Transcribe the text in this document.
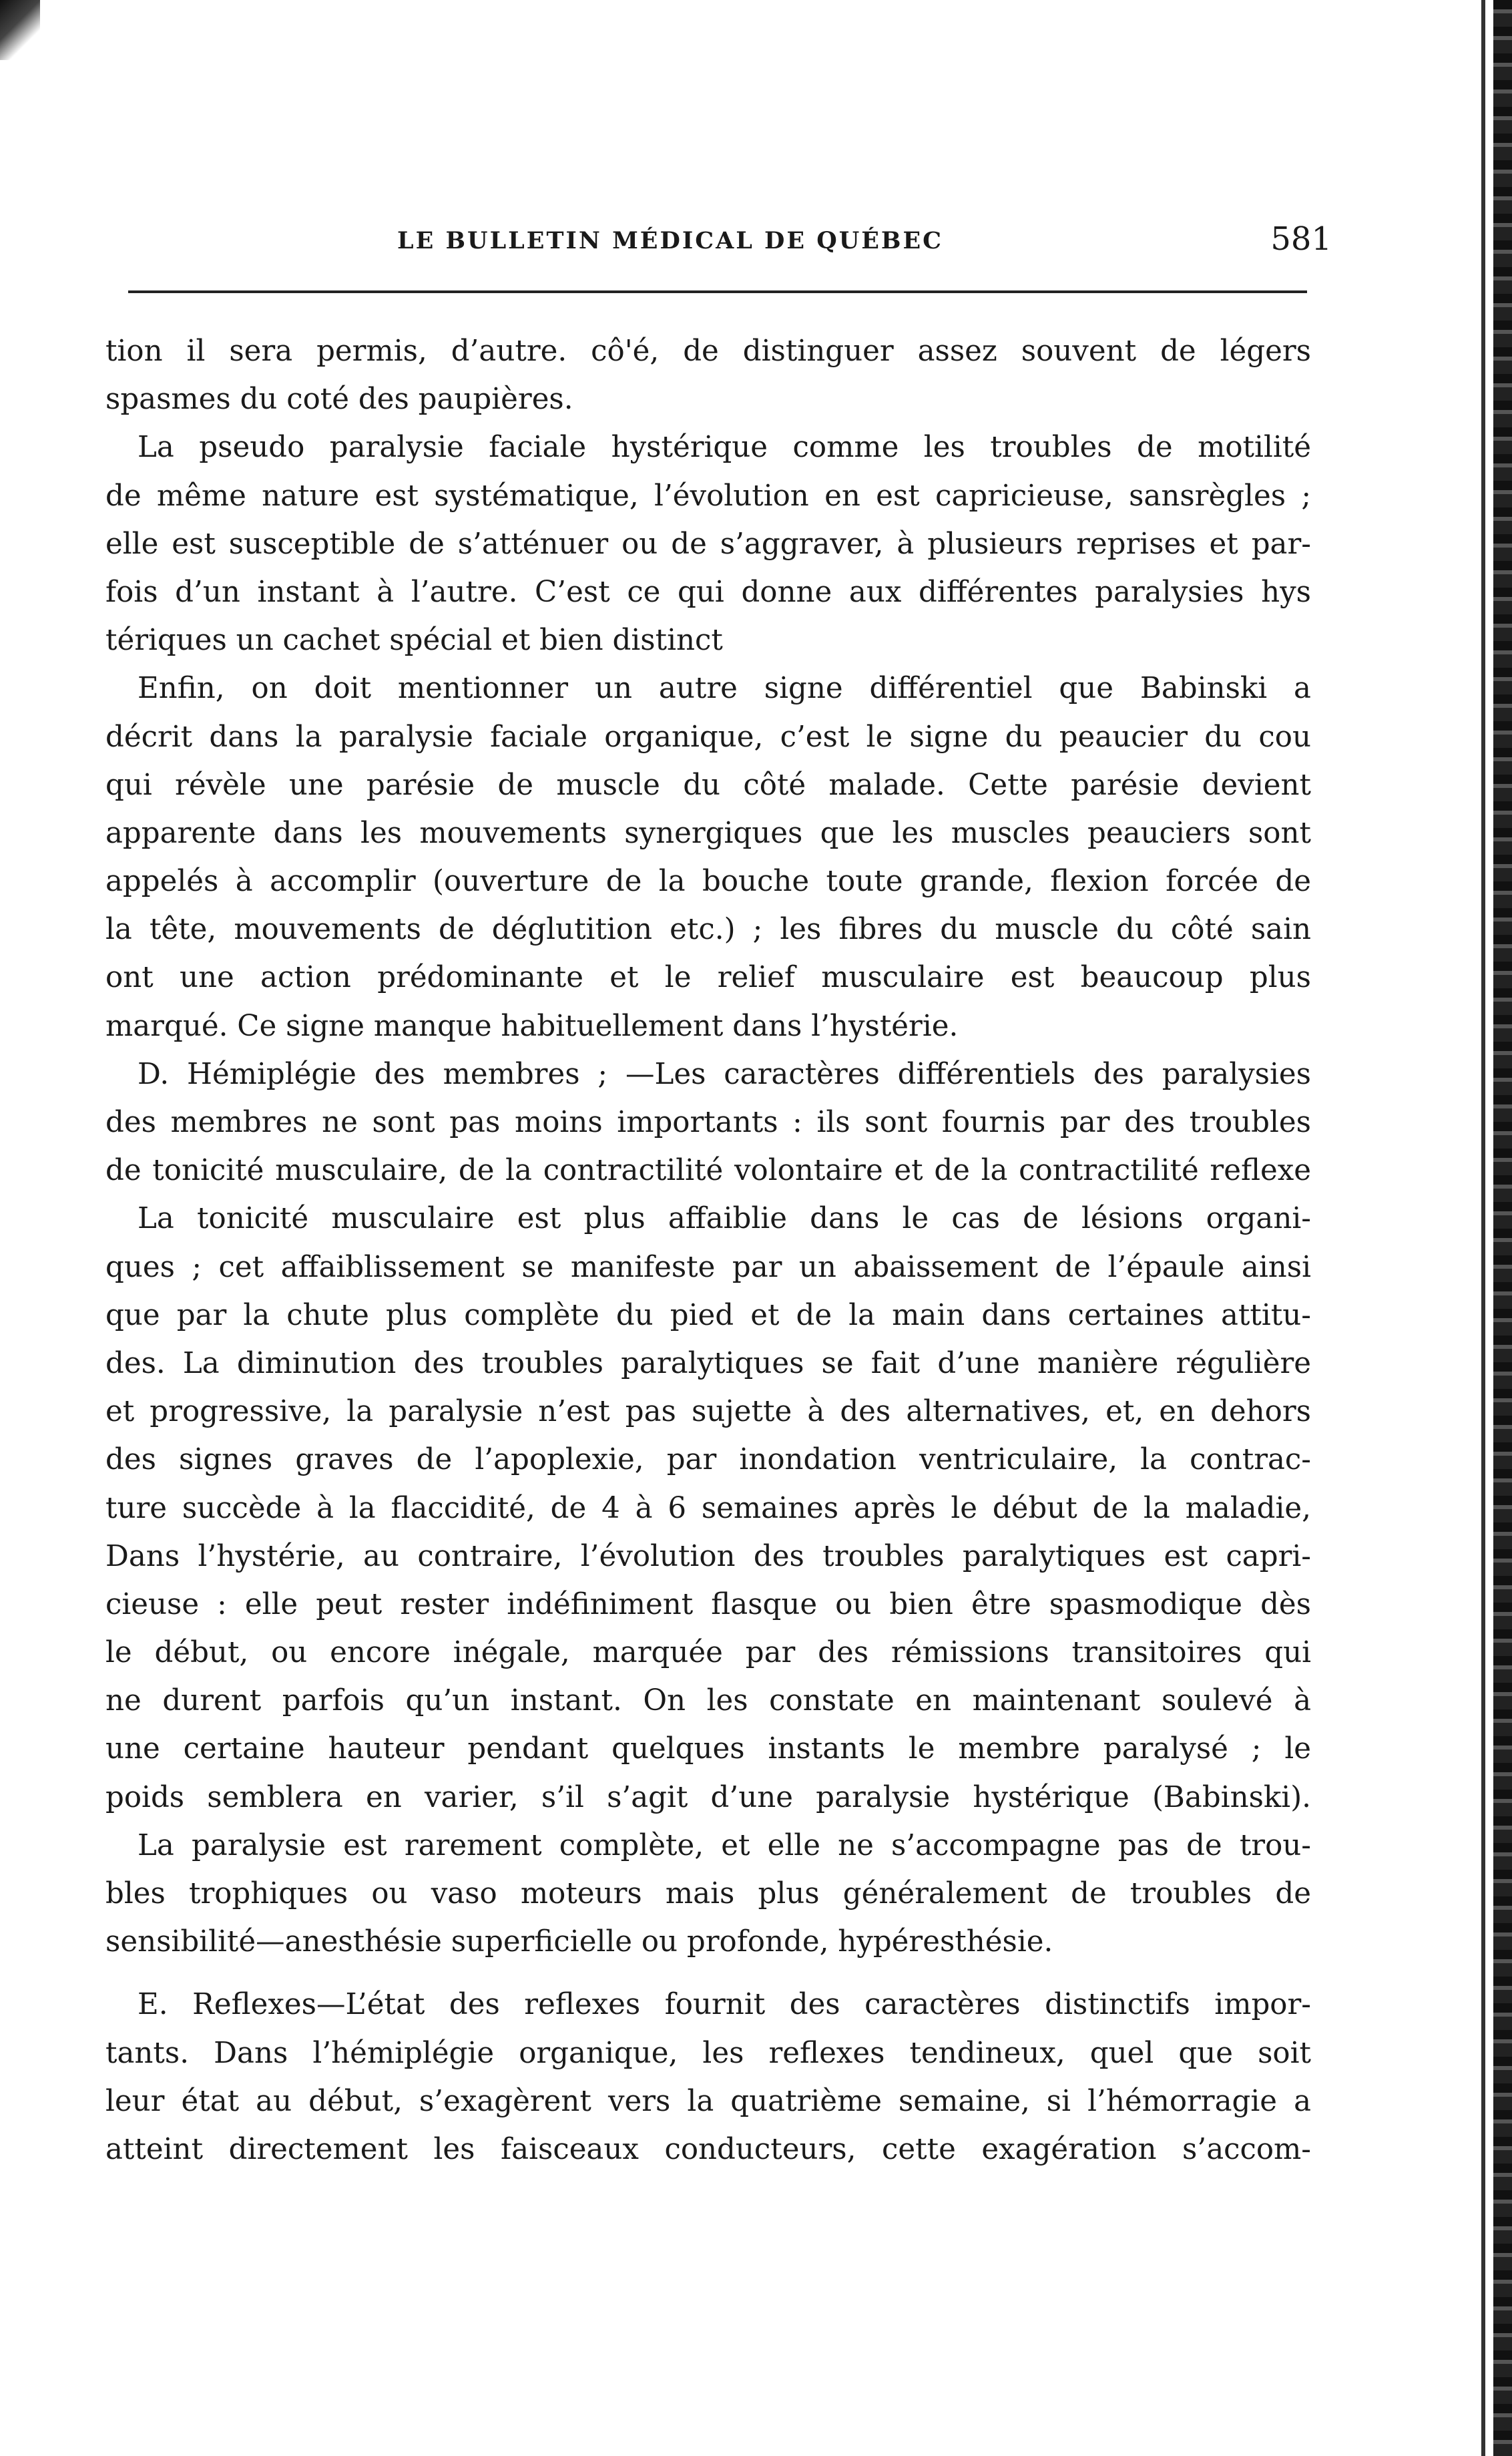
LE BULLETIN MÉDICAL DE QUÉBEC	581
tion il sera permis, d’autre. cô'é, de distinguer assez souvent de légers
spasmes du coté des paupières.
La pseudo paralysie faciale hystérique comme les troubles de motilité
de même nature est systématique, l’évolution en est capricieuse, sansrègles ;
elle est susceptible de s’atténuer ou de s’aggraver, à plusieurs reprises et par-
fois d’un instant à l’autre. C’est ce qui donne aux différentes paralysies hys
tériques un cachet spécial et bien distinct
Enfin, on doit mentionner un autre signe différentiel que Babinski a
décrit dans la paralysie faciale organique, c’est le signe du peaucier du cou
qui révèle une parésie de muscle du côté malade. Cette parésie devient
apparente dans les mouvements synergiques que les muscles peauciers sont
appelés à accomplir (ouverture de la bouche toute grande, flexion forcée de
la tête, mouvements de déglutition etc.) ; les fibres du muscle du côté sain
ont une action prédominante et le relief musculaire est beaucoup plus
marqué. Ce signe manque habituellement dans l’hystérie.
D. Hémiplégie des membres ; —Les caractères différentiels des paralysies
des membres ne sont pas moins importants : ils sont fournis par des troubles
de tonicité musculaire, de la contractilité volontaire et de la contractilité reflexe
La tonicité musculaire est plus affaiblie dans le cas de lésions organi-
ques ; cet affaiblissement se manifeste par un abaissement de l’épaule ainsi
que par la chute plus complète du pied et de la main dans certaines attitu-
des. La diminution des troubles paralytiques se fait d’une manière régulière
et progressive, la paralysie n’est pas sujette à des alternatives, et, en dehors
des signes graves de l’apoplexie, par inondation ventriculaire, la contrac-
ture succède à la flaccidité, de 4 à 6 semaines après le début de la maladie,
Dans l’hystérie, au contraire, l’évolution des troubles paralytiques est capri-
cieuse : elle peut rester indéfiniment flasque ou bien être spasmodique dès
le début, ou encore inégale, marquée par des rémissions transitoires qui
ne durent parfois qu’un instant. On les constate en maintenant soulevé à
une certaine hauteur pendant quelques instants le membre paralysé ; le
poids semblera en varier, s’il s’agit d’une paralysie hystérique (Babinski).
La paralysie est rarement complète, et elle ne s’accompagne pas de trou-
bles trophiques ou vaso moteurs mais plus généralement de troubles de
sensibilité—anesthésie superficielle ou profonde, hypéresthésie.
E. Reflexes—L’état des reflexes fournit des caractères distinctifs impor-
tants. Dans l’hémiplégie organique, les reflexes tendineux, quel que soit
leur état au début, s’exagèrent vers la quatrième semaine, si l’hémorragie a
atteint directement les faisceaux conducteurs, cette exagération s’accom-
